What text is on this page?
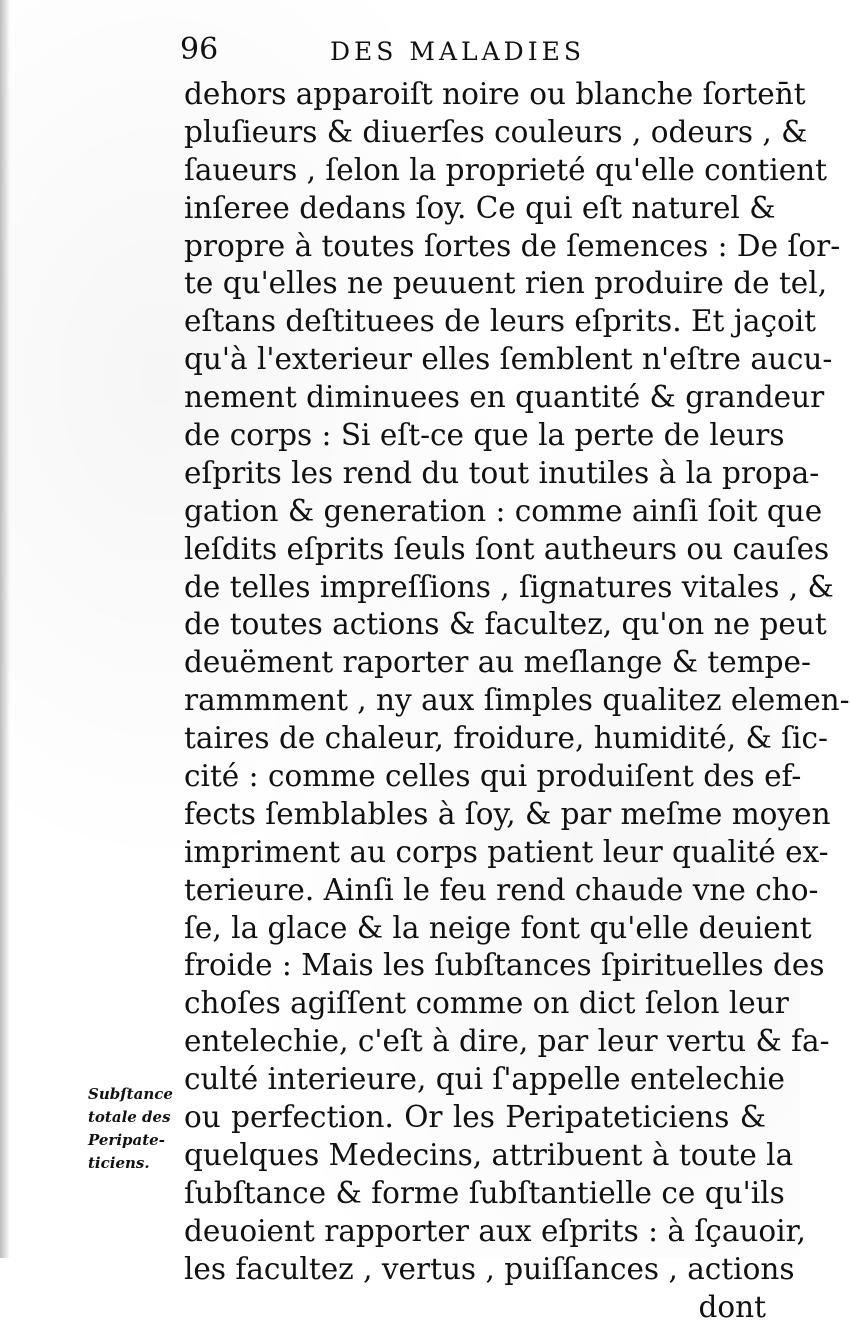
96	DES MALADIES
dehors apparoiſt noire ou blanche ſorten̄t
pluſieurs & diuerſes couleurs , odeurs , &
ſaueurs , ſelon la proprieté qu'elle contient
inſeree dedans ſoy. Ce qui eſt naturel &
propre à toutes ſortes de ſemences : De ſor-
te qu'elles ne peuuent rien produire de tel,
eſtans deſtituees de leurs eſprits. Et jaçoit
qu'à l'exterieur elles ſemblent n'eſtre aucu-
nement diminuees en quantité & grandeur
de corps : Si eſt-ce que la perte de leurs
eſprits les rend du tout inutiles à la propa-
gation & generation : comme ainſi ſoit que
leſdits eſprits ſeuls ſont autheurs ou cauſes
de telles impreſſions , ſignatures vitales , &
de toutes actions & facultez, qu'on ne peut
deuëment raporter au meſlange & tempe-
rammment , ny aux ſimples qualitez elemen-
taires de chaleur, froidure, humidité, & ſic-
cité : comme celles qui produiſent des ef-
fects ſemblables à ſoy, & par meſme moyen
impriment au corps patient leur qualité ex-
terieure. Ainſi le feu rend chaude vne cho-
ſe, la glace & la neige font qu'elle deuient
froide : Mais les ſubſtances ſpirituelles des
choſes agiſſent comme on dict ſelon leur
entelechie, c'eſt à dire, par leur vertu & fa-
culté interieure, qui ſ'appelle entelechie
ou perfection. Or les Peripateticiens &
quelques Medecins, attribuent à toute la
ſubſtance & forme ſubſtantielle ce qu'ils
deuoient rapporter aux eſprits : à ſçauoir,
les facultez , vertus , puiſſances , actions
dont
Subſtance
totale des
Peripate-
ticiens.
